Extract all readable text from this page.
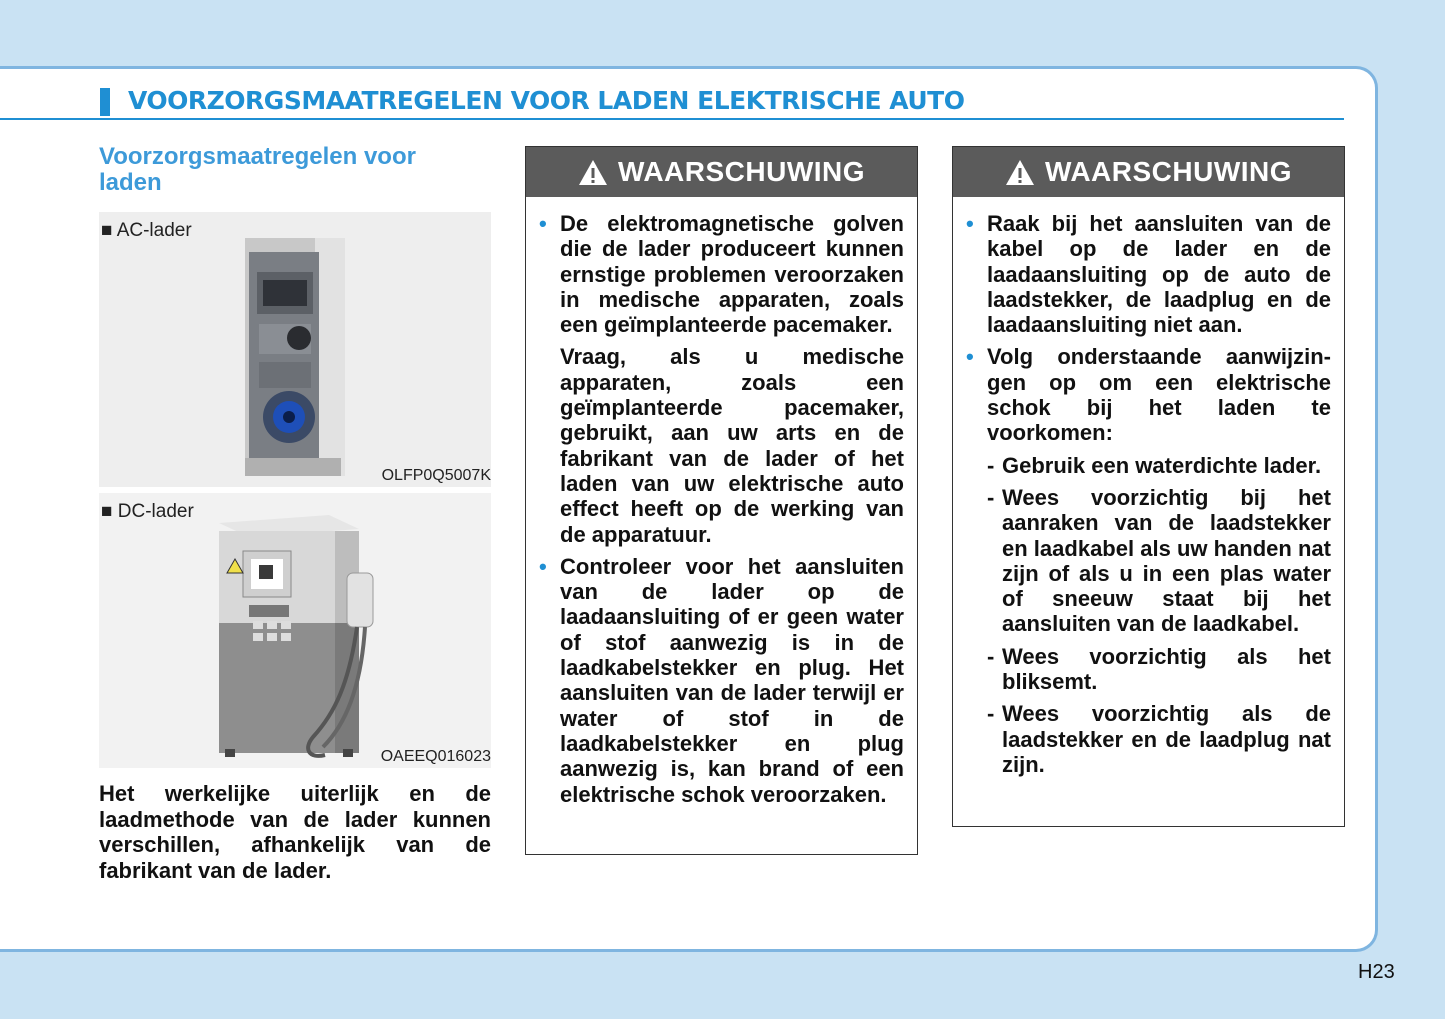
VOORZORGSMAATREGELEN VOOR LADEN ELEKTRISCHE AUTO
Voorzorgsmaatregelen voor laden
■ AC-lader
OLFP0Q5007K
■ DC-lader
OAEEQ016023
Het werkelijke uiterlijk en de laadmethode van de lader kunnen verschillen, afhankelijk van de fabrikant van de lader.
WAARSCHUWING
• De elektromagnetische golven die de lader produceert kunnen ernstige problemen veroorzaken in medische apparaten, zoals een geïmplanteerde pacemaker.
Vraag, als u medische apparaten, zoals een geïmplanteerde pacemaker, gebruikt, aan uw arts en de fabrikant van de lader of het laden van uw elektrische auto effect heeft op de werking van de apparatuur.
• Controleer voor het aansluiten van de lader op de laadaansluiting of er geen water of stof aanwezig is in de laadkabelstekker en plug. Het aansluiten van de lader terwijl er water of stof in de laadkabelstekker en plug aanwezig is, kan brand of een elektrische schok veroorzaken.
WAARSCHUWING
• Raak bij het aansluiten van de kabel op de lader en de laadaansluiting op de auto de laadstekker, de laadplug en de laadaansluiting niet aan.
• Volg onderstaande aanwijzin-gen op om een elektrische schok bij het laden te voorkomen:
- Gebruik een waterdichte lader.
- Wees voorzichtig bij het aanraken van de laadstekker en laadkabel als uw handen nat zijn of als u in een plas water of sneeuw staat bij het aansluiten van de laadkabel.
- Wees voorzichtig als het bliksemt.
- Wees voorzichtig als de laadstekker en de laadplug nat zijn.
H23
